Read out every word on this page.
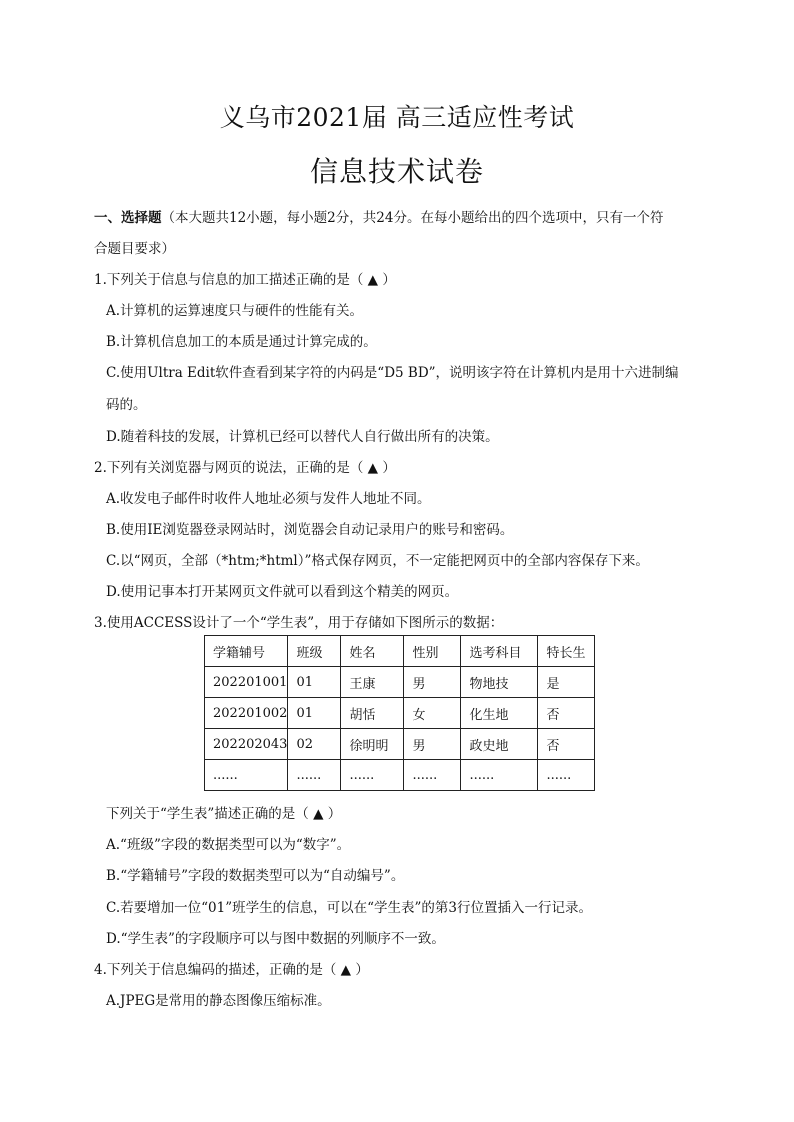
义乌市2021届 高三适应性考试
信息技术试卷
一、选择题（本大题共12小题，每小题2分，共24分。在每小题给出的四个选项中，只有一个符
合题目要求）
1.下列关于信息与信息的加工描述正确的是（ ▲ ）
A.计算机的运算速度只与硬件的性能有关。
B.计算机信息加工的本质是通过计算完成的。
C.使用Ultra Edit软件查看到某字符的内码是“D5 BD”，说明该字符在计算机内是用十六进制编
码的。
D.随着科技的发展，计算机已经可以替代人自行做出所有的决策。
2.下列有关浏览器与网页的说法，正确的是（ ▲ ）
A.收发电子邮件时收件人地址必须与发件人地址不同。
B.使用IE浏览器登录网站时，浏览器会自动记录用户的账号和密码。
C.以“网页，全部（*htm;*html）”格式保存网页，不一定能把网页中的全部内容保存下来。
D.使用记事本打开某网页文件就可以看到这个精美的网页。
3.使用ACCESS设计了一个“学生表”，用于存储如下图所示的数据：
学籍辅号	班级	姓名	性别	选考科目	特长生
202201001	01	王康	男	物地技	是
202201002	01	胡恬	女	化生地	否
202202043	02	徐明明	男	政史地	否
......	......	......	......	......	......
下列关于“学生表”描述正确的是（ ▲ ）
A.“班级”字段的数据类型可以为“数字”。
B.“学籍辅号”字段的数据类型可以为“自动编号”。
C.若要增加一位“01”班学生的信息，可以在“学生表”的第3行位置插入一行记录。
D.“学生表”的字段顺序可以与图中数据的列顺序不一致。
4.下列关于信息编码的描述，正确的是（ ▲ ）
A.JPEG是常用的静态图像压缩标准。
